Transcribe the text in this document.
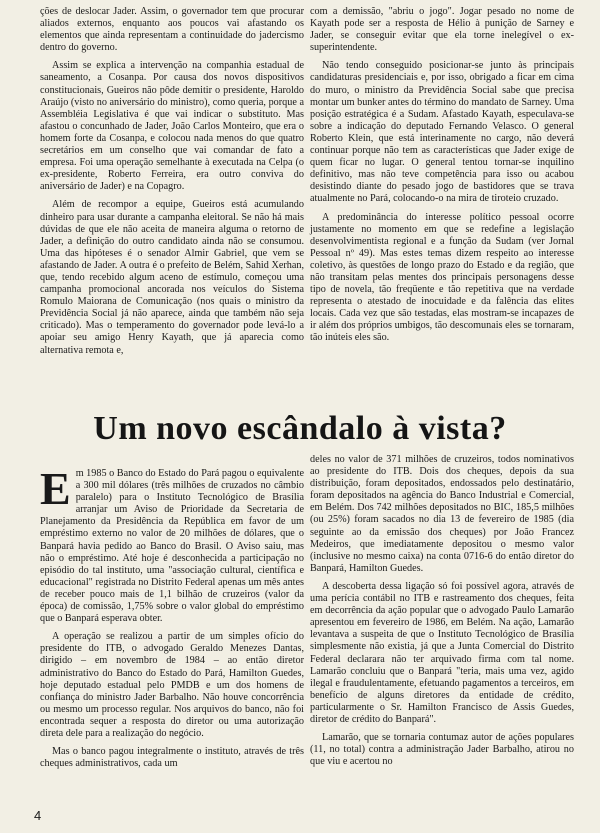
ções de deslocar Jader. Assim, o governador tem que procurar aliados externos, enquanto aos poucos vai afastando os elementos que ainda representam a continuidade do jadercismo dentro do governo.

Assim se explica a intervenção na companhia estadual de saneamento, a Cosanpa. Por causa dos novos dispositivos constitucionais, Gueiros não pôde demitir o presidente, Haroldo Araújo (visto no aniversário do ministro), como queria, porque a Assembléia Legislativa é que vai indicar o substituto. Mas afastou o concunhado de Jader, João Carlos Monteiro, que era o homem forte da Cosanpa, e colocou nada menos do que quatro secretários em um conselho que vai comandar de fato a empresa. Foi uma operação semelhante à executada na Celpa (o ex-presidente, Roberto Ferreira, era outro conviva do aniversário de Jader) e na Copagro.

Além de recompor a equipe, Gueiros está acumulando dinheiro para usar durante a campanha eleitoral. Se não há mais dúvidas de que ele não aceita de maneira alguma o retorno de Jader, a definição do outro candidato ainda não se consumou. Uma das hipóteses é o senador Almir Gabriel, que vem se afastando de Jader. A outra é o prefeito de Belém, Sahid Xerhan, que, tendo recebido algum aceno de estímulo, começou uma campanha promocional ancorada nos veículos do Sistema Romulo Maiorana de Comunicação (nos quais o ministro da Previdência Social já não aparece, ainda que também não seja criticado). Mas o temperamento do governador pode levá-lo a apoiar seu amigo Henry Kayath, que já aparecia como alternativa remota e,

com a demissão, "abriu o jogo". Jogar pesado no nome de Kayath pode ser a resposta de Hélio à punição de Sarney e Jader, se conseguir evitar que ela torne inelegível o ex-superintendente.

Não tendo conseguido posicionar-se junto às principais candidaturas presidenciais e, por isso, obrigado a ficar em cima do muro, o ministro da Previdência Social sabe que precisa montar um bunker antes do término do mandato de Sarney. Uma posição estratégica é a Sudam. Afastado Kayath, especulava-se sobre a indicação do deputado Fernando Velasco. O general Roberto Klein, que está interinamente no cargo, não deverá continuar porque não tem as características que Jader exige de quem ficar no lugar. O general tentou tornar-se inquilino definitivo, mas não teve competência para isso ou acabou desistindo diante do pesado jogo de bastidores que se trava atualmente no Pará, colocando-o na mira de tiroteio cruzado.

A predominância do interesse político pessoal ocorre justamente no momento em que se redefine a legislação desenvolvimentista regional e a função da Sudam (ver Jornal Pessoal nº 49). Mas estes temas dizem respeito ao interesse coletivo, às questões de longo prazo do Estado e da região, que não transitam pelas mentes dos principais personagens desse tipo de novela, tão freqüente e tão repetitiva que na verdade representa o atestado de inocuidade e da falência das elites locais. Cada vez que são testadas, elas mostram-se incapazes de ir além dos próprios umbigos, tão descomunais eles se tornaram, tão inúteis eles são.

Um novo escândalo à vista?

Em 1985 o Banco do Estado do Pará pagou o equivalente a 300 mil dólares (três milhões de cruzados no câmbio paralelo) para o Instituto Tecnológico de Brasília arranjar um Aviso de Prioridade da Secretaria de Planejamento da Presidência da República em favor de um empréstimo externo no valor de 20 milhões de dólares, que o Banpará havia pedido ao Banco do Brasil. O Aviso saiu, mas não o empréstimo. Até hoje é desconhecida a participação no episódio do tal instituto, uma "associação cultural, científica e educacional" registrada no Distrito Federal apenas um mês antes de receber pouco mais de 1,1 bilhão de cruzeiros (valor da época) de comissão, 1,75% sobre o valor global do empréstimo que o Banpará esperava obter.

A operação se realizou a partir de um simples ofício do presidente do ITB, o advogado Geraldo Menezes Dantas, dirigido – em novembro de 1984 – ao então diretor administrativo do Banco do Estado do Pará, Hamilton Guedes, hoje deputado estadual pelo PMDB e um dos homens de confiança do ministro Jader Barbalho. Não houve concorrência ou mesmo um processo regular. Nos arquivos do banco, não foi encontrada sequer a resposta do diretor ou uma autorização direta dele para a realização do negócio.

Mas o banco pagou integralmente o instituto, através de três cheques administrativos, cada um

deles no valor de 371 milhões de cruzeiros, todos nominativos ao presidente do ITB. Dois dos cheques, depois da sua distribuição, foram depositados, endossados pelo destinatário, foram depositados na agência do Banco Industrial e Comercial, em Belém. Dos 742 milhões depositados no BIC, 185,5 milhões (ou 25%) foram sacados no dia 13 de fevereiro de 1985 (dia seguinte ao da emissão dos cheques) por João Francez Medeiros, que imediatamente depositou o mesmo valor (inclusive no mesmo caixa) na conta 0716-6 do então diretor do Banpará, Hamilton Guedes.

A descoberta dessa ligação só foi possível agora, através de uma perícia contábil no ITB e rastreamento dos cheques, feita em decorrência da ação popular que o advogado Paulo Lamarão apresentou em fevereiro de 1986, em Belém. Na ação, Lamarão levantava a suspeita de que o Instituto Tecnológico de Brasília simplesmente não existia, já que a Junta Comercial do Distrito Federal declarara não ter arquivado firma com tal nome. Lamarão concluiu que o Banpará "teria, mais uma vez, agido ilegal e fraudulentamente, efetuando pagamentos a terceiros, em benefício de alguns diretores da entidade de crédito, particularmente o Sr. Hamilton Francisco de Assis Guedes, diretor de crédito do Banpará".

Lamarão, que se tornaria contumaz autor de ações populares (11, no total) contra a administração Jader Barbalho, atirou no que viu e acertou no

4
